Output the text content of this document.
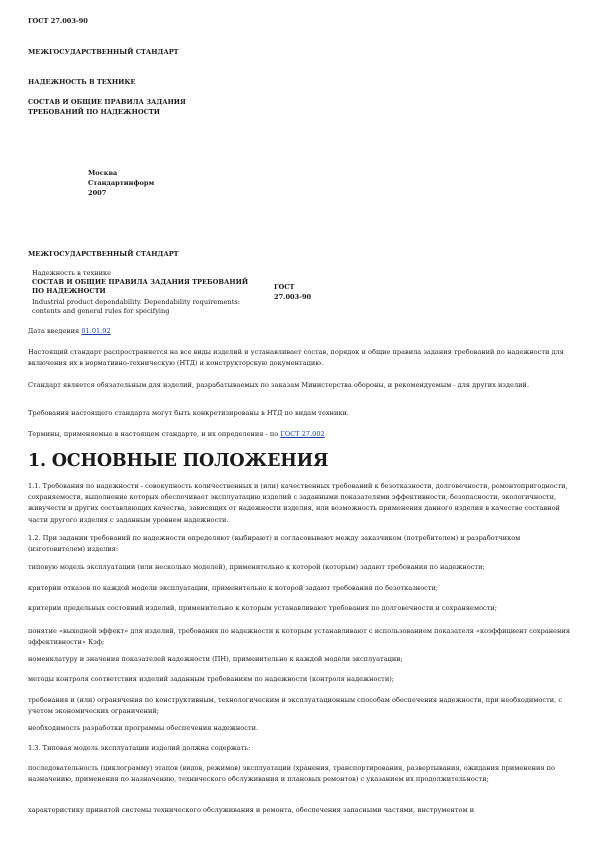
ГОСТ 27.003-90
МЕЖГОСУДАРСТВЕННЫЙ СТАНДАРТ
НАДЕЖНОСТЬ В ТЕХНИКЕ
СОСТАВ И ОБЩИЕ ПРАВИЛА ЗАДАНИЯ
ТРЕБОВАНИЙ ПО НАДЕЖНОСТИ
Москва
Стандартинформ
2007
МЕЖГОСУДАРСТВЕННЫЙ СТАНДАРТ
Надежность в технике
СОСТАВ И ОБЩИЕ ПРАВИЛА ЗАДАНИЯ ТРЕБОВАНИЙ
ПО НАДЕЖНОСТИ
Industrial product dependability. Dependability requirements:
contents and general rules for specifying
ГОСТ
27.003-90
Дата введения 01.01.92
Настоящий стандарт распространяется на все виды изделий и устанавливает состав, порядок и общие правила задания требований по надежности для включения их в нормативно-техническую (НТД) и конструкторскую документацию.
Стандарт является обязательным для изделий, разрабатываемых по заказам Министерства обороны, и рекомендуемым - для других изделий.
Требования настоящего стандарта могут быть конкретизированы в НТД по видам техники.
Термины, применяемые в настоящем стандарте, и их определения - по ГОСТ 27.002
1. ОСНОВНЫЕ ПОЛОЖЕНИЯ
1.1. Требования по надежности - совокупность количественных и (или) качественных требований к безотказности, долговечности, ремонтопригодности, сохраняемости, выполнение которых обеспечивает эксплуатацию изделий с заданными показателями эффективности, безопасности, экологичности, живучести и других составляющих качества, зависящих от надежности изделия, или возможность применения данного изделия в качестве составной части другого изделия с заданным уровнем надежности.
1.2. При задании требований по надежности определяют (выбирают) и согласовывают между заказчиком (потребителем) и разработчиком (изготовителем) изделия:
типовую модель эксплуатации (или несколько моделей), применительно к которой (которым) задают требования по надежности;
критерии отказов по каждой модели эксплуатации, применительно к которой задают требования по безотказности;
критерии предельных состояний изделий, применительно к которым устанавливают требования по долговечности и сохраняемости;
понятие «выходной эффект» для изделий, требования по надежности к которым устанавливают с использованием показателя «коэффициент сохранения эффективности» Кэф;
номенклатуру и значения показателей надежности (ПН), применительно к каждой модели эксплуатации;
методы контроля соответствия изделий заданным требованиям по надежности (контроля надежности);
требования и (или) ограничения по конструктивным, технологическим и эксплуатационным способам обеспечения надежности, при необходимости, с учетом экономических ограничений;
необходимость разработки программы обеспечения надежности.
1.3. Типовая модель эксплуатации изделий должна содержать:
последовательность (циклограмму) этапов (видов, режимов) эксплуатации (хранения, транспортирования, развертывания, ожидания применения по назначению, применения по назначению, технического обслуживания и плановых ремонтов) с указанием их продолжительности;
характеристику принятой системы технического обслуживания и ремонта, обеспечения запасными частями, инструментом и
